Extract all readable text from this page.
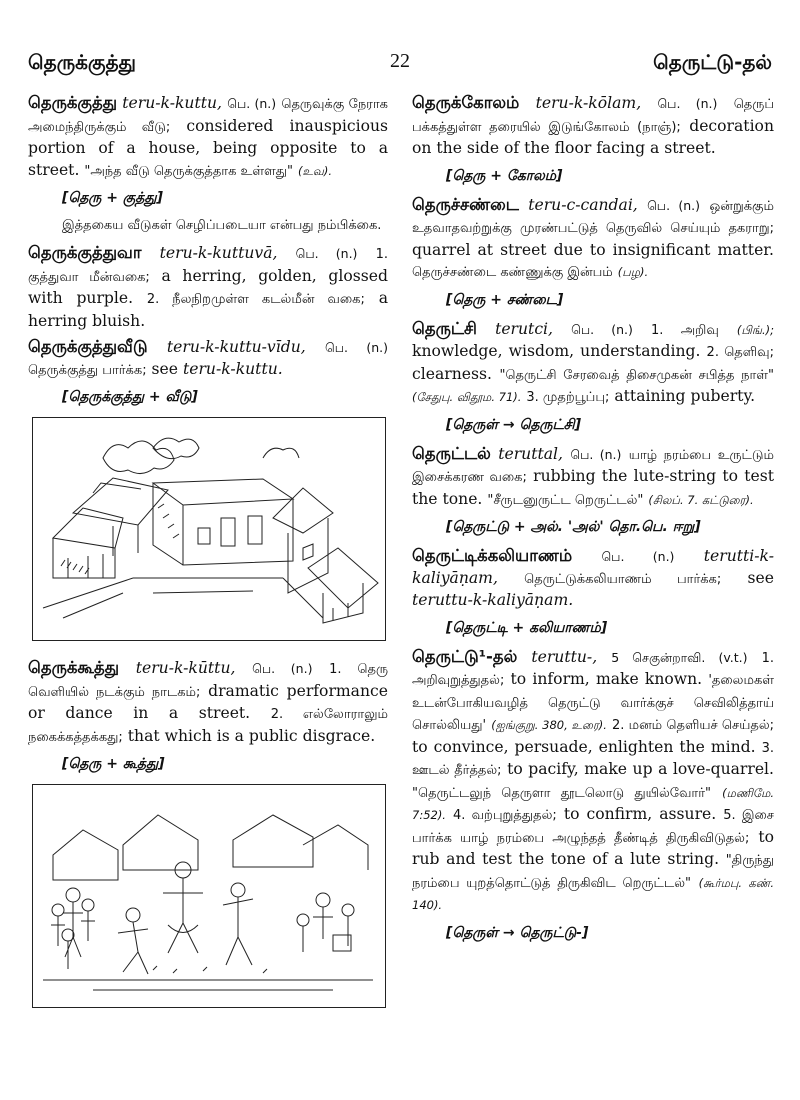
தெருக்குத்து	22	தெருட்டு-தல்
தெருக்குத்து teru-k-kuttu, பெ. (n.) தெருவுக்கு நேராக அமைந்திருக்கும் வீடு; considered inauspicious portion of a house, being opposite to a street. "அந்த வீடு தெருக்குத்தாக உள்ளது" (உவ).
[தெரு + குத்து]
இத்தகைய வீடுகள் செழிப்படையா என்பது நம்பிக்கை.
தெருக்குத்துவா teru-k-kuttuvā, பெ. (n.) 1. குத்துவா மீன்வகை; a herring, golden, glossed with purple. 2. நீலநிறமுள்ள கடல்மீன் வகை; a herring bluish.
தெருக்குத்துவீடு teru-k-kuttu-vīdu, பெ. (n.) தெருக்குத்து பார்க்க; see teru-k-kuttu.
[தெருக்குத்து + வீடு]
தெருக்கூத்து teru-k-kūttu, பெ. (n.) 1. தெரு வெளியில் நடக்கும் நாடகம்; dramatic performance or dance in a street. 2. எல்லோராலும் நகைக்கத்தக்கது; that which is a public disgrace.
[தெரு + கூத்து]
தெருக்கோலம் teru-k-kōlam, பெ. (n.) தெருப் பக்கத்துள்ள தரையில் இடுங்கோலம் (நாஞ்); decoration on the side of the floor facing a street.
[தெரு + கோலம்]
தெருச்சண்டை teru-c-candai, பெ. (n.) ஒன்றுக்கும் உதவாதவற்றுக்கு முரண்பட்டுத் தெருவில் செய்யும் தகராறு; quarrel at street due to insignificant matter. தெருச்சண்டை கண்ணுக்கு இன்பம் (பழ).
[தெரு + சண்டை]
தெருட்சி terutci, பெ. (n.) 1. அறிவு (பிங்.); knowledge, wisdom, understanding. 2. தெளிவு; clearness. "தெருட்சி சேரவைத் திசைமுகன் சபித்த நாள்" (சேதுபு. விதூம. 71). 3. முதற்பூப்பு; attaining puberty.
[தெருள் → தெருட்சி]
தெருட்டல் teruttal, பெ. (n.) யாழ் நரம்பை உருட்டும் இசைக்கரண வகை; rubbing the lute-string to test the tone. "சீருடனுருட்ட றெருட்டல்" (சிலப். 7. கட்டுரை).
[தெருட்டு + அல். 'அல்' தொ.பெ. ஈறு]
தெருட்டிக்கலியாணம் பெ. (n.) terutti-k-kaliyāṇam, தெருட்டுக்கலியாணம் பார்க்க; see teruttu-k-kaliyāṇam.
[தெருட்டி + கலியாணம்]
தெருட்டு¹-தல் teruttu-, 5 செகுன்றாவி. (v.t.) 1. அறிவுறுத்துதல்; to inform, make known. 'தலைமகள் உடன்போகியவழித் தெருட்டு வார்க்குச் செவிலித்தாய் சொல்லியது' (ஐங்குறு. 380, உரை). 2. மனம் தெளியச் செய்தல்; to convince, persuade, enlighten the mind. 3. ஊடல் தீர்த்தல்; to pacify, make up a love-quarrel. "தெருட்டலுந் தெருளா தூடலொடு துயில்வோர்" (மணிமே. 7:52). 4. வற்புறுத்துதல்; to confirm, assure. 5. இசை பார்க்க யாழ் நரம்பை அழுந்தத் தீண்டித் திருகிவிடுதல்; to rub and test the tone of a lute string. "திருந்து நரம்பை யுறத்தொட்டுத் திருகிவிட றெருட்டல்" (கூர்மபு. கண். 140).
[தெருள் → தெருட்டு-]
